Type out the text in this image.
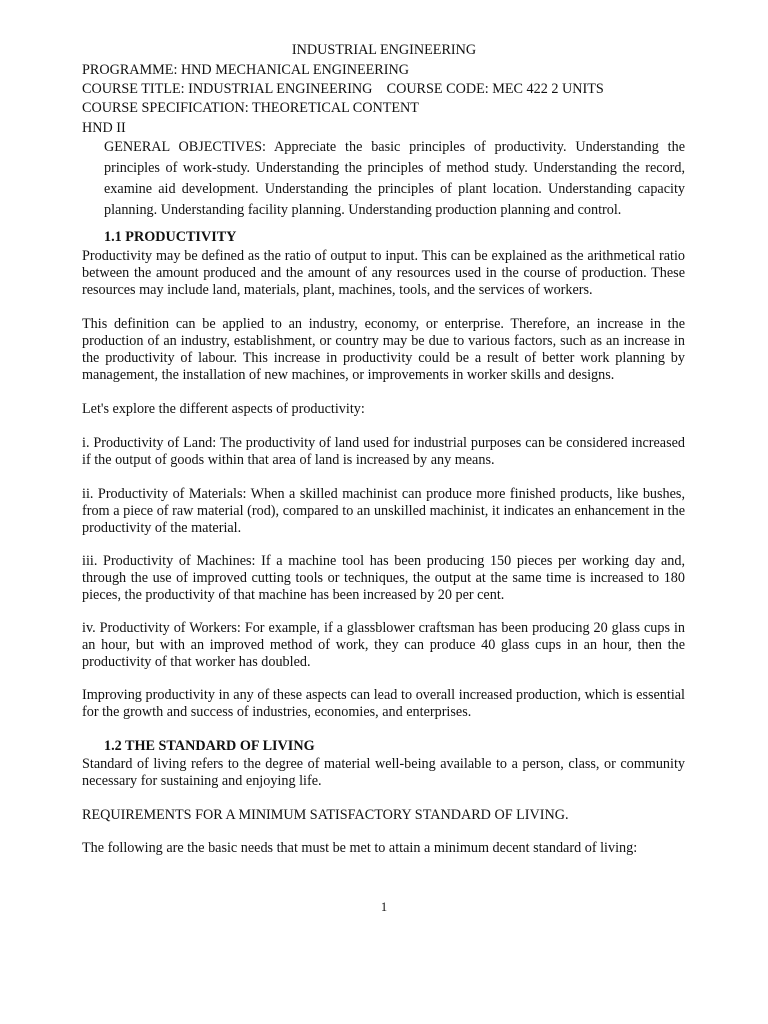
INDUSTRIAL ENGINEERING
PROGRAMME: HND MECHANICAL ENGINEERING
COURSE TITLE: INDUSTRIAL ENGINEERING    COURSE CODE: MEC 422 2 UNITS
COURSE SPECIFICATION: THEORETICAL CONTENT
HND II
GENERAL OBJECTIVES: Appreciate the basic principles of productivity. Understanding the principles of work-study. Understanding the principles of method study. Understanding the record, examine aid development. Understanding the principles of plant location. Understanding capacity planning. Understanding facility planning. Understanding production planning and control.
1.1 PRODUCTIVITY
Productivity may be defined as the ratio of output to input. This can be explained as the arithmetical ratio between the amount produced and the amount of any resources used in the course of production. These resources may include land, materials, plant, machines, tools, and the services of workers.
This definition can be applied to an industry, economy, or enterprise. Therefore, an increase in the production of an industry, establishment, or country may be due to various factors, such as an increase in the productivity of labour. This increase in productivity could be a result of better work planning by management, the installation of new machines, or improvements in worker skills and designs.
Let's explore the different aspects of productivity:
i. Productivity of Land: The productivity of land used for industrial purposes can be considered increased if the output of goods within that area of land is increased by any means.
ii. Productivity of Materials: When a skilled machinist can produce more finished products, like bushes, from a piece of raw material (rod), compared to an unskilled machinist, it indicates an enhancement in the productivity of the material.
iii. Productivity of Machines: If a machine tool has been producing 150 pieces per working day and, through the use of improved cutting tools or techniques, the output at the same time is increased to 180 pieces, the productivity of that machine has been increased by 20 per cent.
iv. Productivity of Workers: For example, if a glassblower craftsman has been producing 20 glass cups in an hour, but with an improved method of work, they can produce 40 glass cups in an hour, then the productivity of that worker has doubled.
Improving productivity in any of these aspects can lead to overall increased production, which is essential for the growth and success of industries, economies, and enterprises.
1.2 THE STANDARD OF LIVING
Standard of living refers to the degree of material well-being available to a person, class, or community necessary for sustaining and enjoying life.
REQUIREMENTS FOR A MINIMUM SATISFACTORY STANDARD OF LIVING.
The following are the basic needs that must be met to attain a minimum decent standard of living:
1
